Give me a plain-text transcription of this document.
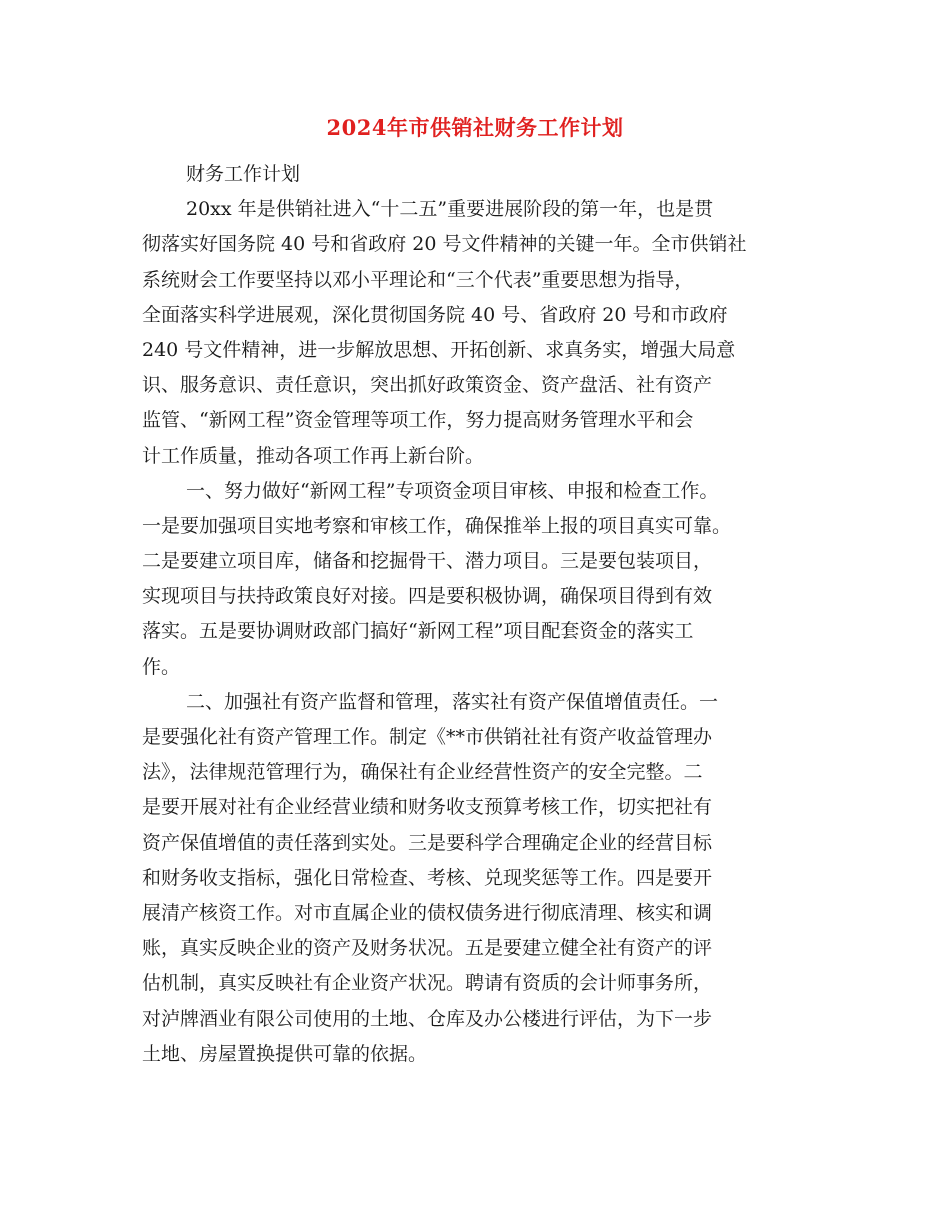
2024年市供销社财务工作计划

财务工作计划

20xx 年是供销社进入“十二五”重要进展阶段的第一年，也是贯
彻落实好国务院 40 号和省政府 20 号文件精神的关键一年。全市供销社
系统财会工作要坚持以邓小平理论和“三个代表”重要思想为指导，
全面落实科学进展观，深化贯彻国务院 40 号、省政府 20 号和市政府
240 号文件精神，进一步解放思想、开拓创新、求真务实，增强大局意
识、服务意识、责任意识，突出抓好政策资金、资产盘活、社有资产
监管、“新网工程”资金管理等项工作，努力提高财务管理水平和会
计工作质量，推动各项工作再上新台阶。

一、努力做好“新网工程”专项资金项目审核、申报和检查工作。
一是要加强项目实地考察和审核工作，确保推举上报的项目真实可靠。
二是要建立项目库，储备和挖掘骨干、潜力项目。三是要包装项目，
实现项目与扶持政策良好对接。四是要积极协调，确保项目得到有效
落实。五是要协调财政部门搞好“新网工程”项目配套资金的落实工
作。

二、加强社有资产监督和管理，落实社有资产保值增值责任。一
是要强化社有资产管理工作。制定《**市供销社社有资产收益管理办
法》，法律规范管理行为，确保社有企业经营性资产的安全完整。二
是要开展对社有企业经营业绩和财务收支预算考核工作，切实把社有
资产保值增值的责任落到实处。三是要科学合理确定企业的经营目标
和财务收支指标，强化日常检查、考核、兑现奖惩等工作。四是要开
展清产核资工作。对市直属企业的债权债务进行彻底清理、核实和调
账，真实反映企业的资产及财务状况。五是要建立健全社有资产的评
估机制，真实反映社有企业资产状况。聘请有资质的会计师事务所，
对泸牌酒业有限公司使用的土地、仓库及办公楼进行评估，为下一步
土地、房屋置换提供可靠的依据。
